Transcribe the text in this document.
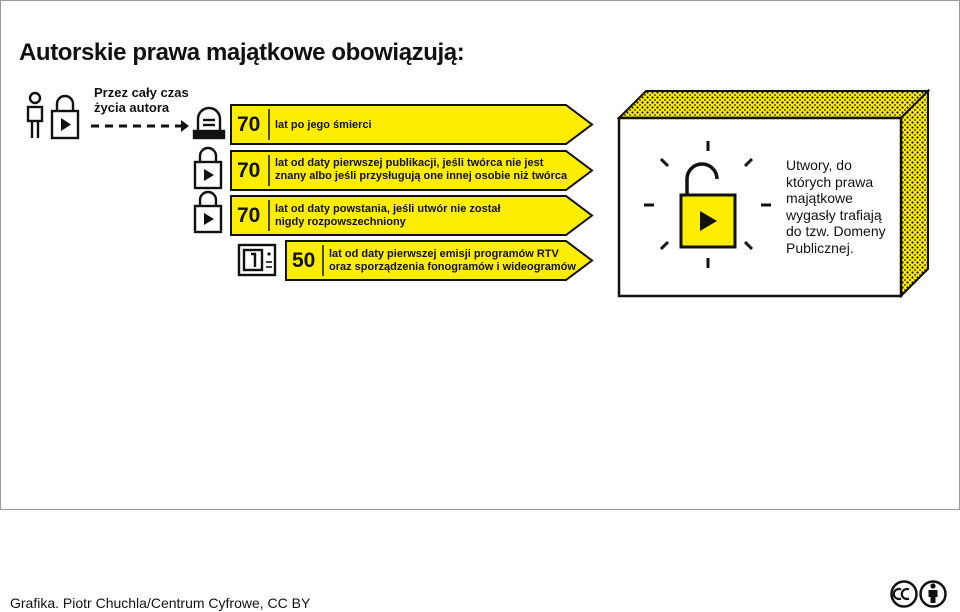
Autorskie prawa majątkowe obowiązują:
Przez cały czas
życia autora
70 lat po jego śmierci
70 lat od daty pierwszej publikacji, jeśli twórca nie jest
znany albo jeśli przysługują one innej osobie niż twórca
70 lat od daty powstania, jeśli utwór nie został
nigdy rozpowszechniony
50 lat od daty pierwszej emisji programów RTV
oraz sporządzenia fonogramów i wideogramów
Utwory, do których prawa majątkowe wygasły trafiają do tzw. Domeny Publicznej.
Grafika. Piotr Chuchla/Centrum Cyfrowe, CC BY
